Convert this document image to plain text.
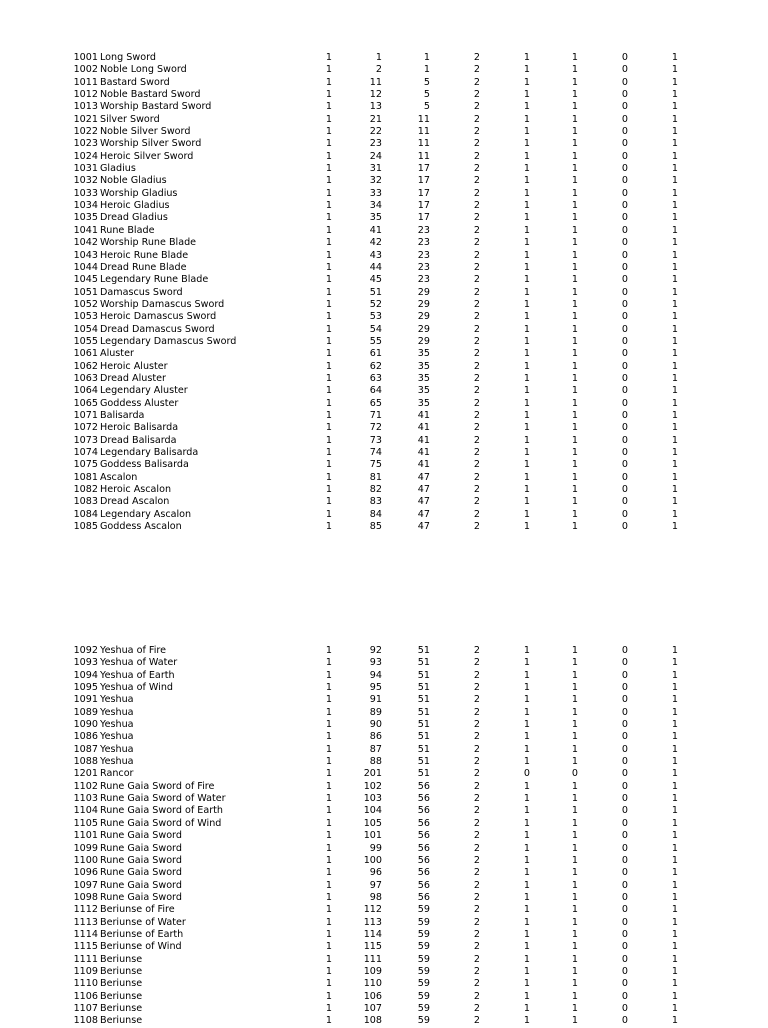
1001 Long Sword	1	1	1	2	1	1	0	1
1002 Noble Long Sword	1	2	1	2	1	1	0	1
1011 Bastard Sword	1	11	5	2	1	1	0	1
1012 Noble Bastard Sword	1	12	5	2	1	1	0	1
1013 Worship Bastard Sword	1	13	5	2	1	1	0	1
1021 Silver Sword	1	21	11	2	1	1	0	1
1022 Noble Silver Sword	1	22	11	2	1	1	0	1
1023 Worship Silver Sword	1	23	11	2	1	1	0	1
1024 Heroic Silver Sword	1	24	11	2	1	1	0	1
1031 Gladius	1	31	17	2	1	1	0	1
1032 Noble Gladius	1	32	17	2	1	1	0	1
1033 Worship Gladius	1	33	17	2	1	1	0	1
1034 Heroic Gladius	1	34	17	2	1	1	0	1
1035 Dread Gladius	1	35	17	2	1	1	0	1
1041 Rune Blade	1	41	23	2	1	1	0	1
1042 Worship Rune Blade	1	42	23	2	1	1	0	1
1043 Heroic Rune Blade	1	43	23	2	1	1	0	1
1044 Dread Rune Blade	1	44	23	2	1	1	0	1
1045 Legendary Rune Blade	1	45	23	2	1	1	0	1
1051 Damascus Sword	1	51	29	2	1	1	0	1
1052 Worship Damascus Sword	1	52	29	2	1	1	0	1
1053 Heroic Damascus Sword	1	53	29	2	1	1	0	1
1054 Dread Damascus Sword	1	54	29	2	1	1	0	1
1055 Legendary Damascus Sword	1	55	29	2	1	1	0	1
1061 Aluster	1	61	35	2	1	1	0	1
1062 Heroic Aluster	1	62	35	2	1	1	0	1
1063 Dread Aluster	1	63	35	2	1	1	0	1
1064 Legendary Aluster	1	64	35	2	1	1	0	1
1065 Goddess Aluster	1	65	35	2	1	1	0	1
1071 Balisarda	1	71	41	2	1	1	0	1
1072 Heroic Balisarda	1	72	41	2	1	1	0	1
1073 Dread Balisarda	1	73	41	2	1	1	0	1
1074 Legendary Balisarda	1	74	41	2	1	1	0	1
1075 Goddess Balisarda	1	75	41	2	1	1	0	1
1081 Ascalon	1	81	47	2	1	1	0	1
1082 Heroic Ascalon	1	82	47	2	1	1	0	1
1083 Dread Ascalon	1	83	47	2	1	1	0	1
1084 Legendary Ascalon	1	84	47	2	1	1	0	1
1085 Goddess Ascalon	1	85	47	2	1	1	0	1
1092 Yeshua of Fire	1	92	51	2	1	1	0	1
1093 Yeshua of Water	1	93	51	2	1	1	0	1
1094 Yeshua of Earth	1	94	51	2	1	1	0	1
1095 Yeshua of Wind	1	95	51	2	1	1	0	1
1091 Yeshua	1	91	51	2	1	1	0	1
1089 Yeshua	1	89	51	2	1	1	0	1
1090 Yeshua	1	90	51	2	1	1	0	1
1086 Yeshua	1	86	51	2	1	1	0	1
1087 Yeshua	1	87	51	2	1	1	0	1
1088 Yeshua	1	88	51	2	1	1	0	1
1201 Rancor	1	201	51	2	0	0	0	1
1102 Rune Gaia Sword of Fire	1	102	56	2	1	1	0	1
1103 Rune Gaia Sword of Water	1	103	56	2	1	1	0	1
1104 Rune Gaia Sword of Earth	1	104	56	2	1	1	0	1
1105 Rune Gaia Sword of Wind	1	105	56	2	1	1	0	1
1101 Rune Gaia Sword	1	101	56	2	1	1	0	1
1099 Rune Gaia Sword	1	99	56	2	1	1	0	1
1100 Rune Gaia Sword	1	100	56	2	1	1	0	1
1096 Rune Gaia Sword	1	96	56	2	1	1	0	1
1097 Rune Gaia Sword	1	97	56	2	1	1	0	1
1098 Rune Gaia Sword	1	98	56	2	1	1	0	1
1112 Beriunse of Fire	1	112	59	2	1	1	0	1
1113 Beriunse of Water	1	113	59	2	1	1	0	1
1114 Beriunse of Earth	1	114	59	2	1	1	0	1
1115 Beriunse of Wind	1	115	59	2	1	1	0	1
1111 Beriunse	1	111	59	2	1	1	0	1
1109 Beriunse	1	109	59	2	1	1	0	1
1110 Beriunse	1	110	59	2	1	1	0	1
1106 Beriunse	1	106	59	2	1	1	0	1
1107 Beriunse	1	107	59	2	1	1	0	1
1108 Beriunse	1	108	59	2	1	1	0	1
